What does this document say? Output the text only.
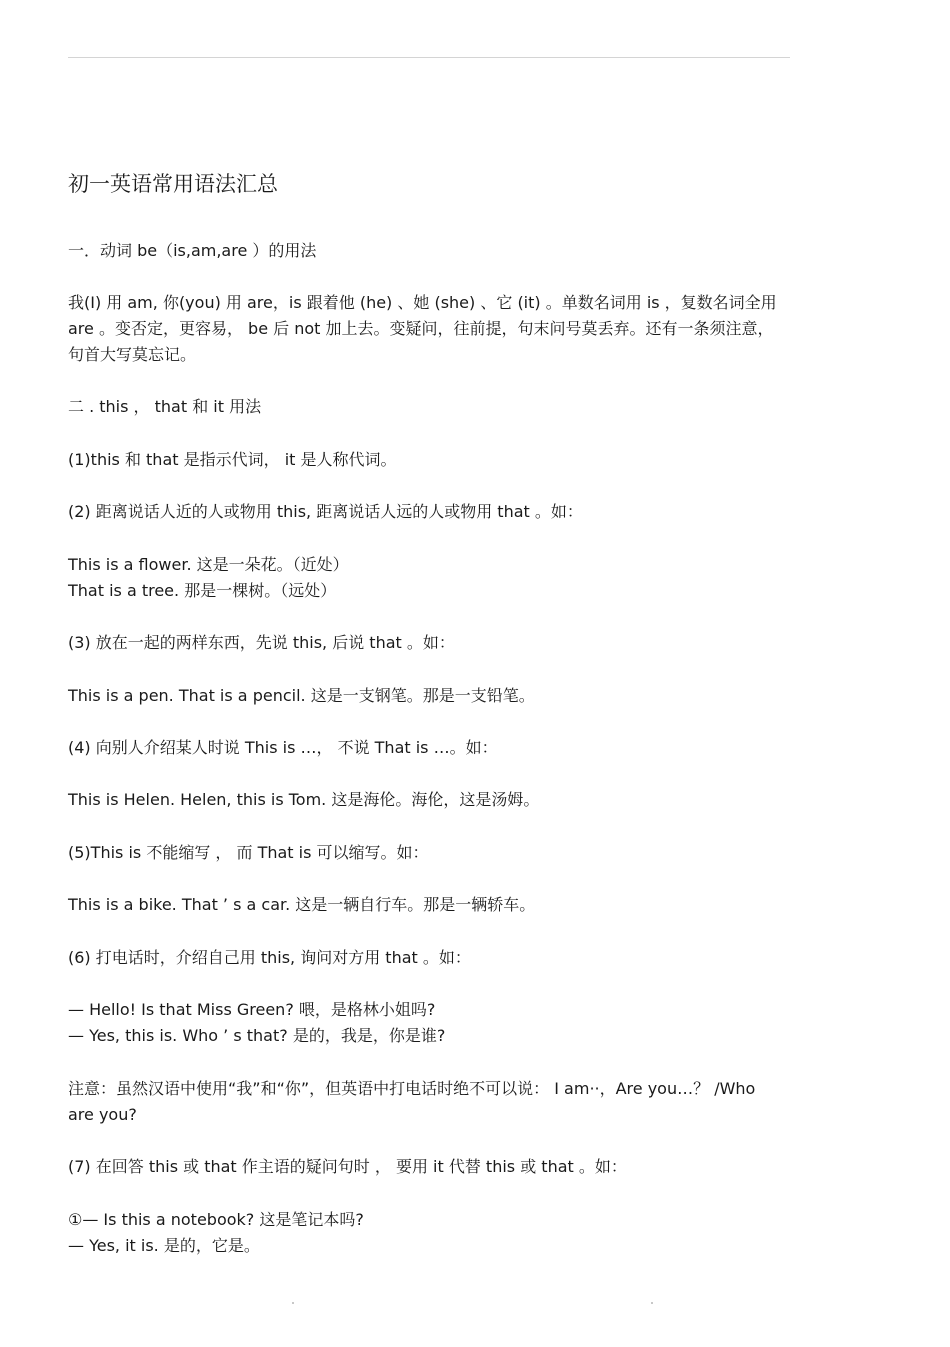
初一英语常用语法汇总
一．动词 be（is,am,are ）的用法
我(I) 用 am, 你(you) 用 are，is 跟着他 (he) 、她 (she) 、它 (it) 。单数名词用 is ，复数名词全用
are 。变否定，更容易， be 后 not 加上去。变疑问，往前提，句末问号莫丢弃。还有一条须注意，
句首大写莫忘记。
二 . this ， that 和 it 用法
(1)this 和 that 是指示代词， it 是人称代词。
(2) 距离说话人近的人或物用 this, 距离说话人远的人或物用 that 。如：
This is a flower. 这是一朵花。（近处）
That is a tree. 那是一棵树。（远处）
(3) 放在一起的两样东西，先说 this, 后说 that 。如：
This is a pen. That is a pencil. 这是一支钢笔。那是一支铅笔。
(4) 向别人介绍某人时说 This is …， 不说 That is …。如：
This is Helen. Helen, this is Tom. 这是海伦。海伦，这是汤姆。
(5)This is 不能缩写 ， 而 That is 可以缩写。如：
This is a bike. That ’ s a car. 这是一辆自行车。那是一辆轿车。
(6) 打电话时，介绍自己用 this, 询问对方用 that 。如：
— Hello! Is that Miss Green? 喂，是格林小姐吗?
— Yes, this is. Who ’ s that? 是的，我是，你是谁?
注意：虽然汉语中使用“我”和“你”，但英语中打电话时绝不可以说： I am··，Are you…？ /Who
are you?
(7) 在回答 this 或 that 作主语的疑问句时 ， 要用 it 代替 this 或 that 。如：
①— Is this a notebook? 这是笔记本吗?
— Yes, it is. 是的，它是。
